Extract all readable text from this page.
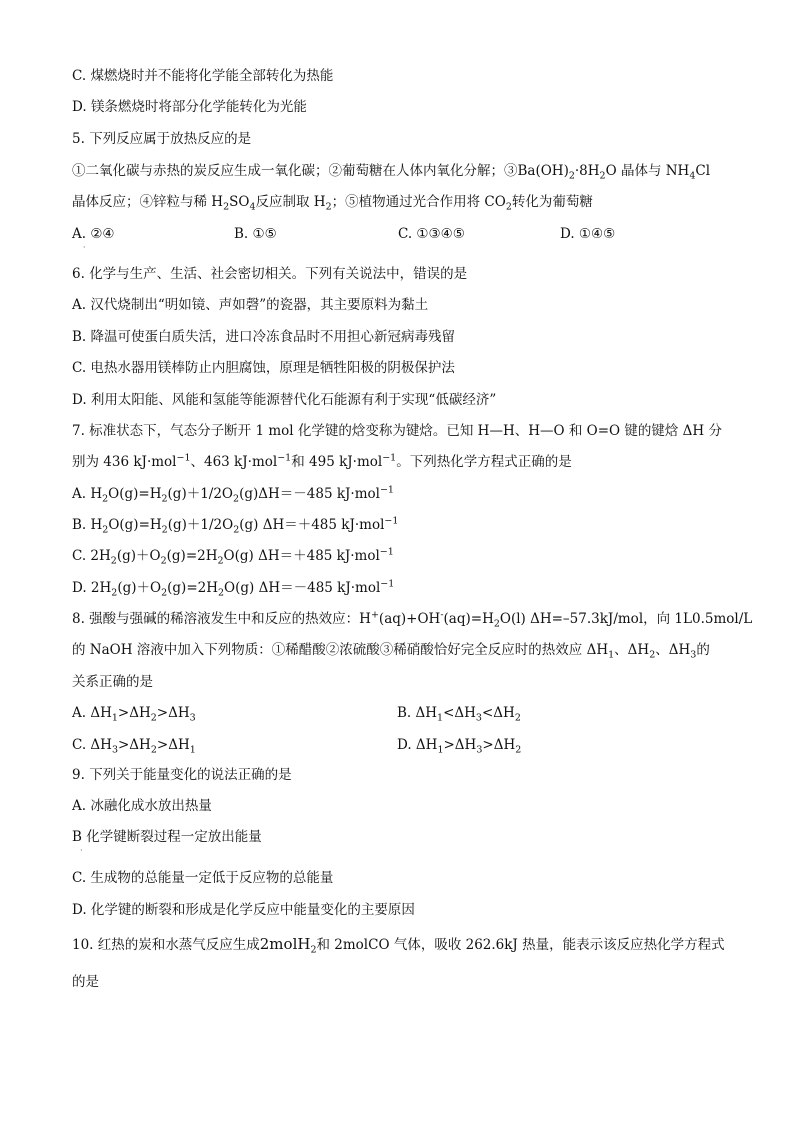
C. 煤燃烧时并不能将化学能全部转化为热能
D. 镁条燃烧时将部分化学能转化为光能
5. 下列反应属于放热反应的是
①二氧化碳与赤热的炭反应生成一氧化碳；②葡萄糖在人体内氧化分解；$③Ba(OH)_2\cdot 8H_2O$ 晶体与 $NH_4Cl$
晶体反应；④锌粒与稀 $H_2SO_4$反应制取 $H_2$；⑤植物通过光合作用将 $CO_2$转化为葡萄糖
A. ②④	B. ①⑤	C. ①③④⑤	D. ①④⑤
·
6. 化学与生产、生活、社会密切相关。下列有关说法中，错误的是
A. 汉代烧制出“明如镜、声如磬”的瓷器，其主要原料为黏土
B. 降温可使蛋白质失活，进口冷冻食品时不用担心新冠病毒残留
C. 电热水器用镁棒防止内胆腐蚀，原理是牺牲阳极的阴极保护法
D. 利用太阳能、风能和氢能等能源替代化石能源有利于实现“低碳经济”
7. 标准状态下，气态分子断开 1 mol 化学键的焓变称为键焓。已知 H—H、H—O 和 O=O 键的键焓 ΔH 分
别为 436 kJ·mol$^{-1}$、463 kJ·mol$^{-1}$和 495 kJ·mol$^{-1}$。下列热化学方程式正确的是
A. $H_2O(g)=H_2(g)+1/2O_2(g)\Delta H=-485$ kJ·mol$^{-1}$
B. $H_2O(g)=H_2(g)+1/2O_2(g)$ ΔH＝＋485 kJ·mol$^{-1}$
C. $2H_2(g)+O_2(g)=2H_2O(g)$ ΔH＝＋485 kJ·mol$^{-1}$
D. $2H_2(g)+O_2(g)=2H_2O(g)$ ΔH＝－485 kJ·mol$^{-1}$
8. 强酸与强碱的稀溶液发生中和反应的热效应：$H^+(aq)+OH^-(aq)=H_2O(l)$ ΔH=–57.3kJ/mol，向 1L0.5mol/L
的 NaOH 溶液中加入下列物质：①稀醋酸②浓硫酸③稀硝酸恰好完全反应时的热效应 $\Delta H_1$、$\Delta H_2$、$\Delta H_3$的
关系正确的是
A. $\Delta H_1>\Delta H_2>\Delta H_3$	B. $\Delta H_1<\Delta H_3<\Delta H_2$
C. $\Delta H_3>\Delta H_2>\Delta H_1$	D. $\Delta H_1>\Delta H_3>\Delta H_2$
9. 下列关于能量变化的说法正确的是
A. 冰融化成水放出热量
B 化学键断裂过程一定放出能量
·
C. 生成物的总能量一定低于反应物的总能量
D. 化学键的断裂和形成是化学反应中能量变化的主要原因
10. 红热的炭和水蒸气反应生成2molH$_2$和 2molCO 气体，吸收 262.6kJ 热量，能表示该反应热化学方程式
的是
